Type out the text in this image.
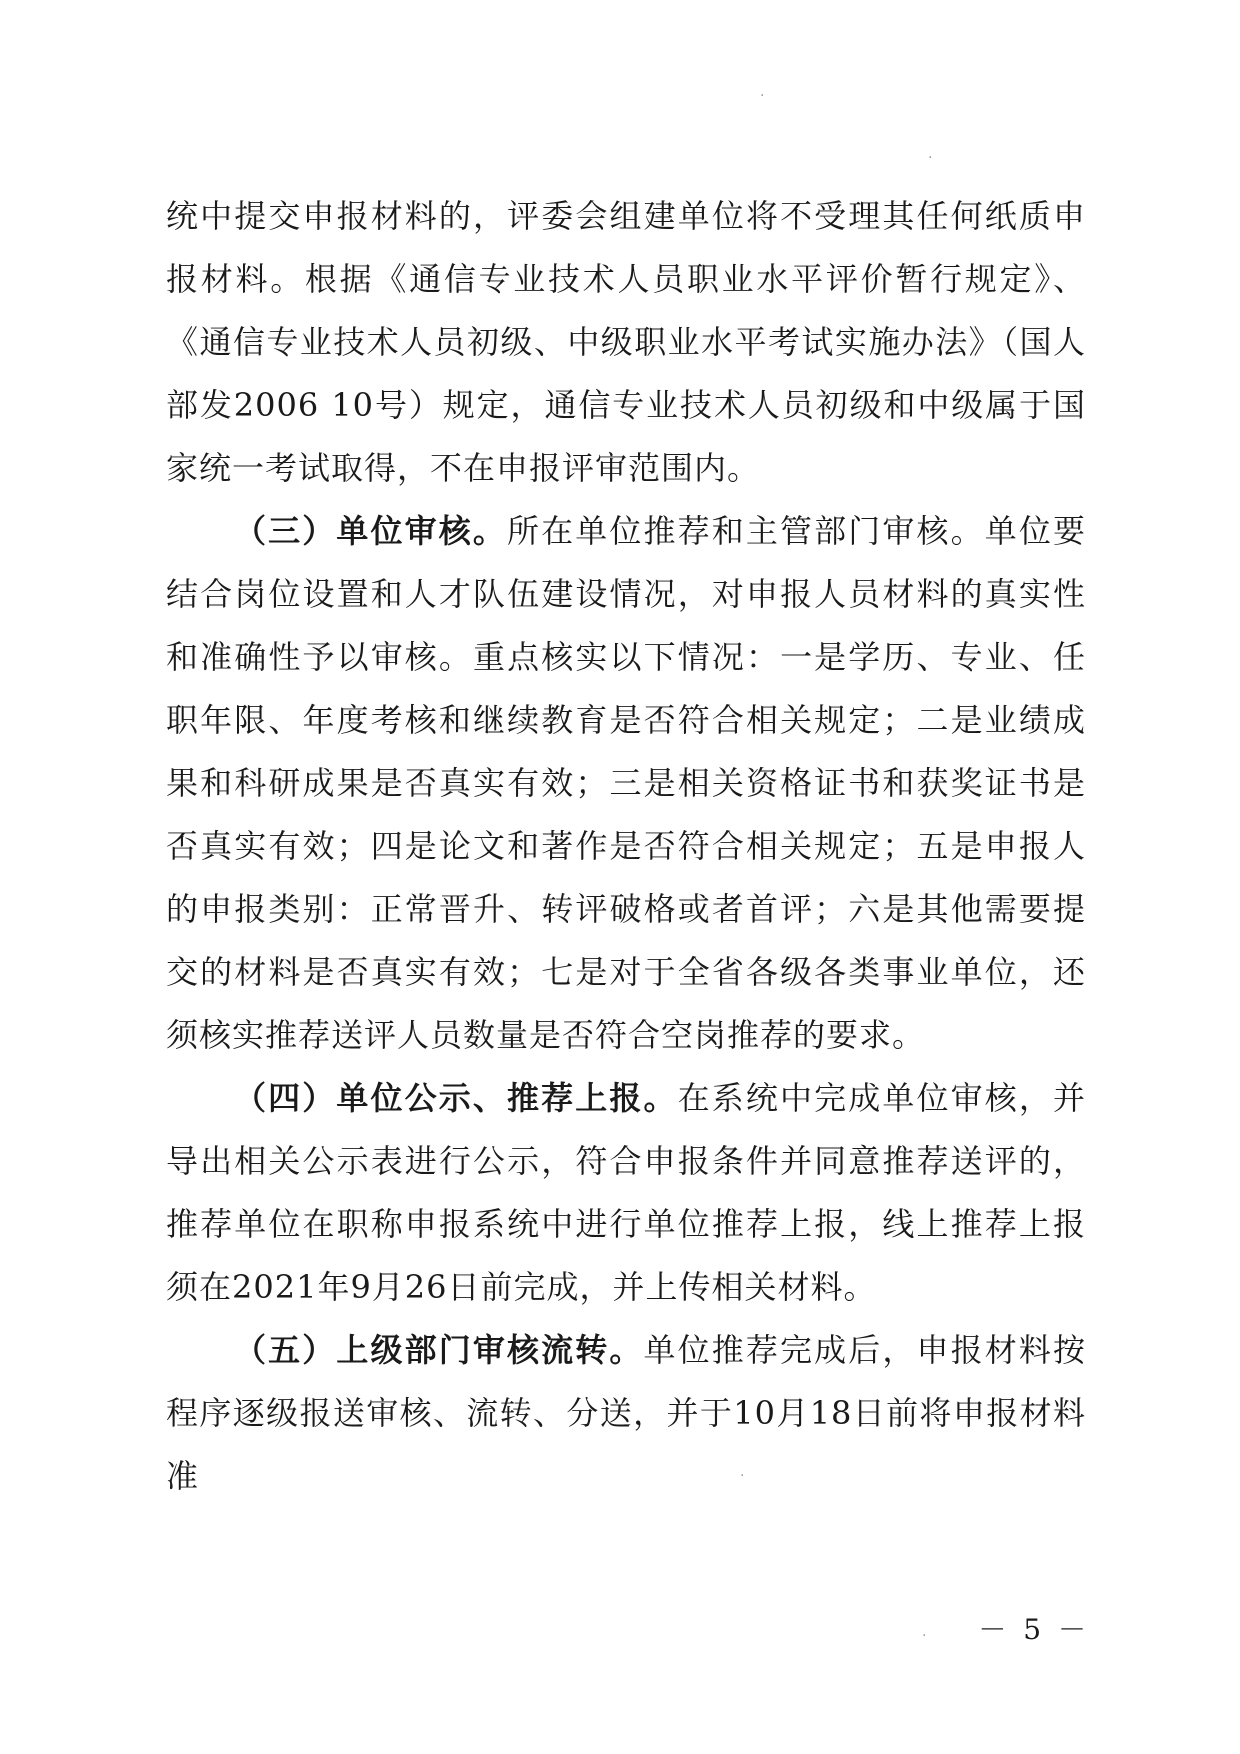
统中提交申报材料的，评委会组建单位将不受理其任何纸质申报材料。根据《通信专业技术人员职业水平评价暂行规定》、《通信专业技术人员初级、中级职业水平考试实施办法》（国人部发2006 10号）规定，通信专业技术人员初级和中级属于国家统一考试取得，不在申报评审范围内。

（三）单位审核。所在单位推荐和主管部门审核。单位要结合岗位设置和人才队伍建设情况，对申报人员材料的真实性和准确性予以审核。重点核实以下情况：一是学历、专业、任职年限、年度考核和继续教育是否符合相关规定；二是业绩成果和科研成果是否真实有效；三是相关资格证书和获奖证书是否真实有效；四是论文和著作是否符合相关规定；五是申报人的申报类别：正常晋升、转评破格或者首评；六是其他需要提交的材料是否真实有效；七是对于全省各级各类事业单位，还须核实推荐送评人员数量是否符合空岗推荐的要求。

（四）单位公示、推荐上报。在系统中完成单位审核，并导出相关公示表进行公示，符合申报条件并同意推荐送评的，推荐单位在职称申报系统中进行单位推荐上报，线上推荐上报须在2021年9月26日前完成，并上传相关材料。

（五）上级部门审核流转。单位推荐完成后，申报材料按程序逐级报送审核、流转、分送，并于10月18日前将申报材料准

－ 5 －
·
·
·
·
